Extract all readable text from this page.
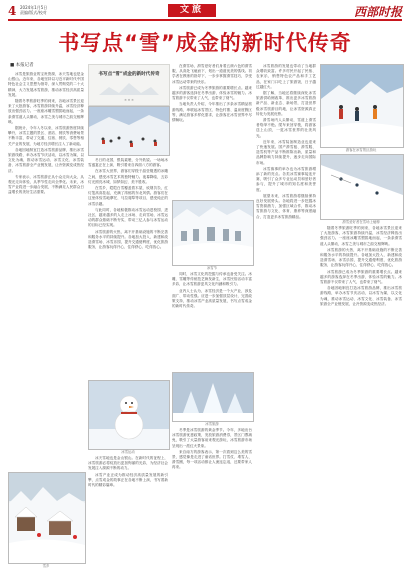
4 2024年1月5日
责编/版式/校对	文旅	西部时报
书写点“雪”成金的新时代传奇
■ 本报记者

冰雪是旅游业的宝贵资源，冰天雪地也是金山银山。近年来，各地坚持以习近平新时代中国特色社会主义思想为指导，深入贯彻党的二十大精神，大力发展冰雪旅游，推动冰雪经济高质量发展。

随着冬季旅游旺季的到来，各地冰雪景区迎来了大批游客，冰雪旅游持续升温，冰雪经济释放出强劲活力。一座座冰雕雪塑拔地而起，一条条滑雪道人头攒动，冰雪之美与城市之韵交相辉映。

据统计，今年入冬以来，冰雪旅游热度持续攀升，冰雪主题的景区、酒店、餐饮等消费场景不断丰富，带动了交通、住宿、餐饮、零售等相关产业的发展，为地方经济增长注入了新动能。

各地因地制宜打造冰雪旅游品牌，推出冰雪旅游线路，举办冰雪节庆活动，以冰雪为媒，以文化为魂，推动冰雪运动、冰雪文化、冰雪装备、冰雪旅游全产业链发展，让冷资源变成热经济。

专家表示，冰雪旅游正从小众走向大众，从观光走向体验，从季节性走向全季化。未来，冰雪产业将进一步融合发展，不断满足人民群众日益增长的美好生活需要。

雪乡
书写点“雪”成金的新时代传奇
❄ ❄ ❄

冬日的北国，银装素裹，分外妖娆。一场场冰雪盛宴正在上演，吸引着来自四面八方的游客。

在冰雪大世界，游客们穿梭于晶莹剔透的冰雕之间，感受冰雪艺术的独特魅力。夜幕降临，五彩灯光照亮冰城，如梦如幻，美不胜收。

在雪乡，皑皑白雪覆盖着木屋，炊烟袅袅，红灯笼高高挂起，充满了浓郁的东北风情。游客们在这里体验雪地摩托、马拉爬犁等项目，感受纯正的冰雪乐趣。

与此同时，各地积极推动冰雪运动进校园、进社区，越来越多的人走上冰场、走向雪场，冰雪运动的群众基础不断夯实，带动三亿人参与冰雪运动的目标已经实现。

冰雪旅游的火热，离不开基础设施的不断完善和服务水平的持续提升。各地加大投入，新建和改造滑雪场、冰雪乐园，提升交通便利度，优化旅游服务，让游客玩得开心、住得舒心、吃得放心。

冰雪运动

冰天雪地也是金山银山。在新时代的征程上，冰雪旅游必将绽放出更加绚丽的光彩，为经济社会发展注入源源不断的动力。

冰雪产业正成为推动经济高质量发展的新引擎，点雪成金的故事正在各地不断上演，书写着新时代的精彩篇章。

在滑雪场，滑雪爱好者们身着五颜六色的滑雪服，从高处飞驰而下，划出一道道优美的弧线。初学者在教练的指导下，一步步掌握滑雪技巧，享受冰雪运动带来的快乐。

冰雪旅游已成为冬季旅游的重要增长点。越来越多的游客选择在冬季出游，体验冰雪的魅力。冰雪旅游不仅带来了人气，也带来了财气。

当地负责人介绍，今年推出了多条冰雪精品旅游线路，串联起冰雪景区、特色村寨、温泉度假区等，满足游客多样化需求，让游客在冰雪世界中尽情畅玩。

冰雪节

同时，冰雪文化的挖掘与传承也备受关注。冰雕、雪雕等传统技艺焕发新生，冰雪民俗活动丰富多彩，让冰雪旅游更具文化内涵和吸引力。

业内人士认为，冰雪经济是一个大产业，涉及面广、带动性强。应进一步加强顶层设计，完善政策支持，推动冰雪产业高质量发展，书写点雪成金的新时代传奇。

冰雪旅游

冬季是冰雪旅游的黄金季节。今年，多地出台冰雪旅游优惠政策，发放旅游消费券，景区门票减免，吸引了大量游客前来观光游玩，冰雪旅游市场呈现出一派红火景象。

来自南方的游客表示，第一次看到这么美的雪景，感觉像是走进了童话世界。打雪仗、堆雪人、滑雪圈，每一项活动都让人流连忘返，还要带家人再来。

冰雪旅游的发展也带动了当地群众增收致富。许多村民开起了民宿、农家乐，销售特色农产品和手工艺品，在家门口吃上了旅游饭，日子越过越红火。

据了解，当地还将继续深化冰雪旅游供给侧改革，推出更多冰雪旅游新产品、新业态、新场景，打造世界级冰雪旅游目的地，让冰雪资源真正转化为发展优势。

滑雪场内人头攒动，雪道上滑雪者络绎不绝。缆车来回穿梭，将游客送上山顶，一览冰雪世界的壮美风光。

近年来，冰雪装备制造业也迎来了快速发展。国产滑雪板、滑雪服、造雪机等产品不断推陈出新，质量和品牌影响力持续提升，逐步走向国际市场。

冰雪赛事的举办也为冰雪旅游增添了新的亮点。各类冰雪赛事接连开赛，吸引了众多专业运动员和爱好者参与，提升了城市的知名度和美誉度。

展望未来，冰雪旅游将继续保持良好发展势头。各地将进一步挖掘冰雪资源潜力，加强区域合作，推动冰雪旅游与文化、体育、康养等深度融合，打造更多冰雪旅游精品。

游客在冰雪景区游玩
滑雪爱好者在雪场上驰骋

随着冬季旅游旺季的到来，各地冰雪景区迎来了大批游客，冰雪旅游持续升温，冰雪经济释放出强劲活力。一座座冰雕雪塑拔地而起，一条条滑雪道人头攒动，冰雪之美与城市之韵交相辉映。

冰雪旅游的火热，离不开基础设施的不断完善和服务水平的持续提升。各地加大投入，新建和改造滑雪场、冰雪乐园，提升交通便利度，优化旅游服务，让游客玩得开心、住得舒心、吃得放心。

冰雪旅游已成为冬季旅游的重要增长点。越来越多的游客选择在冬季出游，体验冰雪的魅力。冰雪旅游不仅带来了人气，也带来了财气。

各地因地制宜打造冰雪旅游品牌，推出冰雪旅游线路，举办冰雪节庆活动，以冰雪为媒，以文化为魂，推动冰雪运动、冰雪文化、冰雪装备、冰雪旅游全产业链发展，让冷资源变成热经济。
